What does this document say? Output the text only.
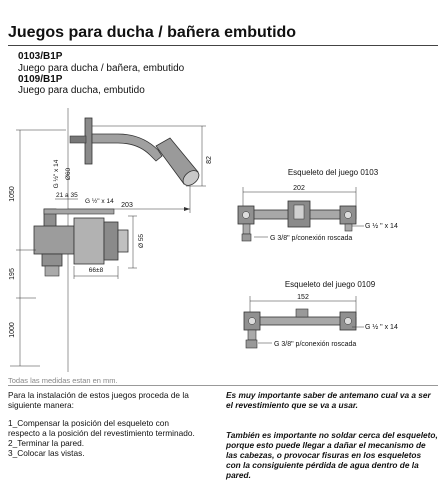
Juegos para ducha / bañera embutido
0103/B1P
Juego para ducha / bañera, embutido
0109/B1P
Juego para ducha, embutido
82
G ½" x 14 Ø60
1050	21 a 35
G ½" x 14
203
Ø 55
66±8
195
1000
Esqueleto del juego 0103
202
G ½ " x 14
G 3/8" p/conexión roscada
Esqueleto del juego 0109
152
G ½ " x 14
G 3/8" p/conexión roscada
Todas las medidas estan en mm.
Para la instalación de estos juegos proceda de la siguiente manera:
1_Compensar la posición del esqueleto con
respecto a la posición del revestimiento terminado.
2_Terminar la pared.
3_Colocar las vistas.
Es muy importante saber de antemano cual va a ser el revestimiento que se va a usar.
También es importante no soldar cerca del esqueleto, porque esto puede llegar a dañar el mecanismo de las cabezas, o provocar fisuras en los esqueletos con la consiguiente pérdida de agua dentro de la pared.
